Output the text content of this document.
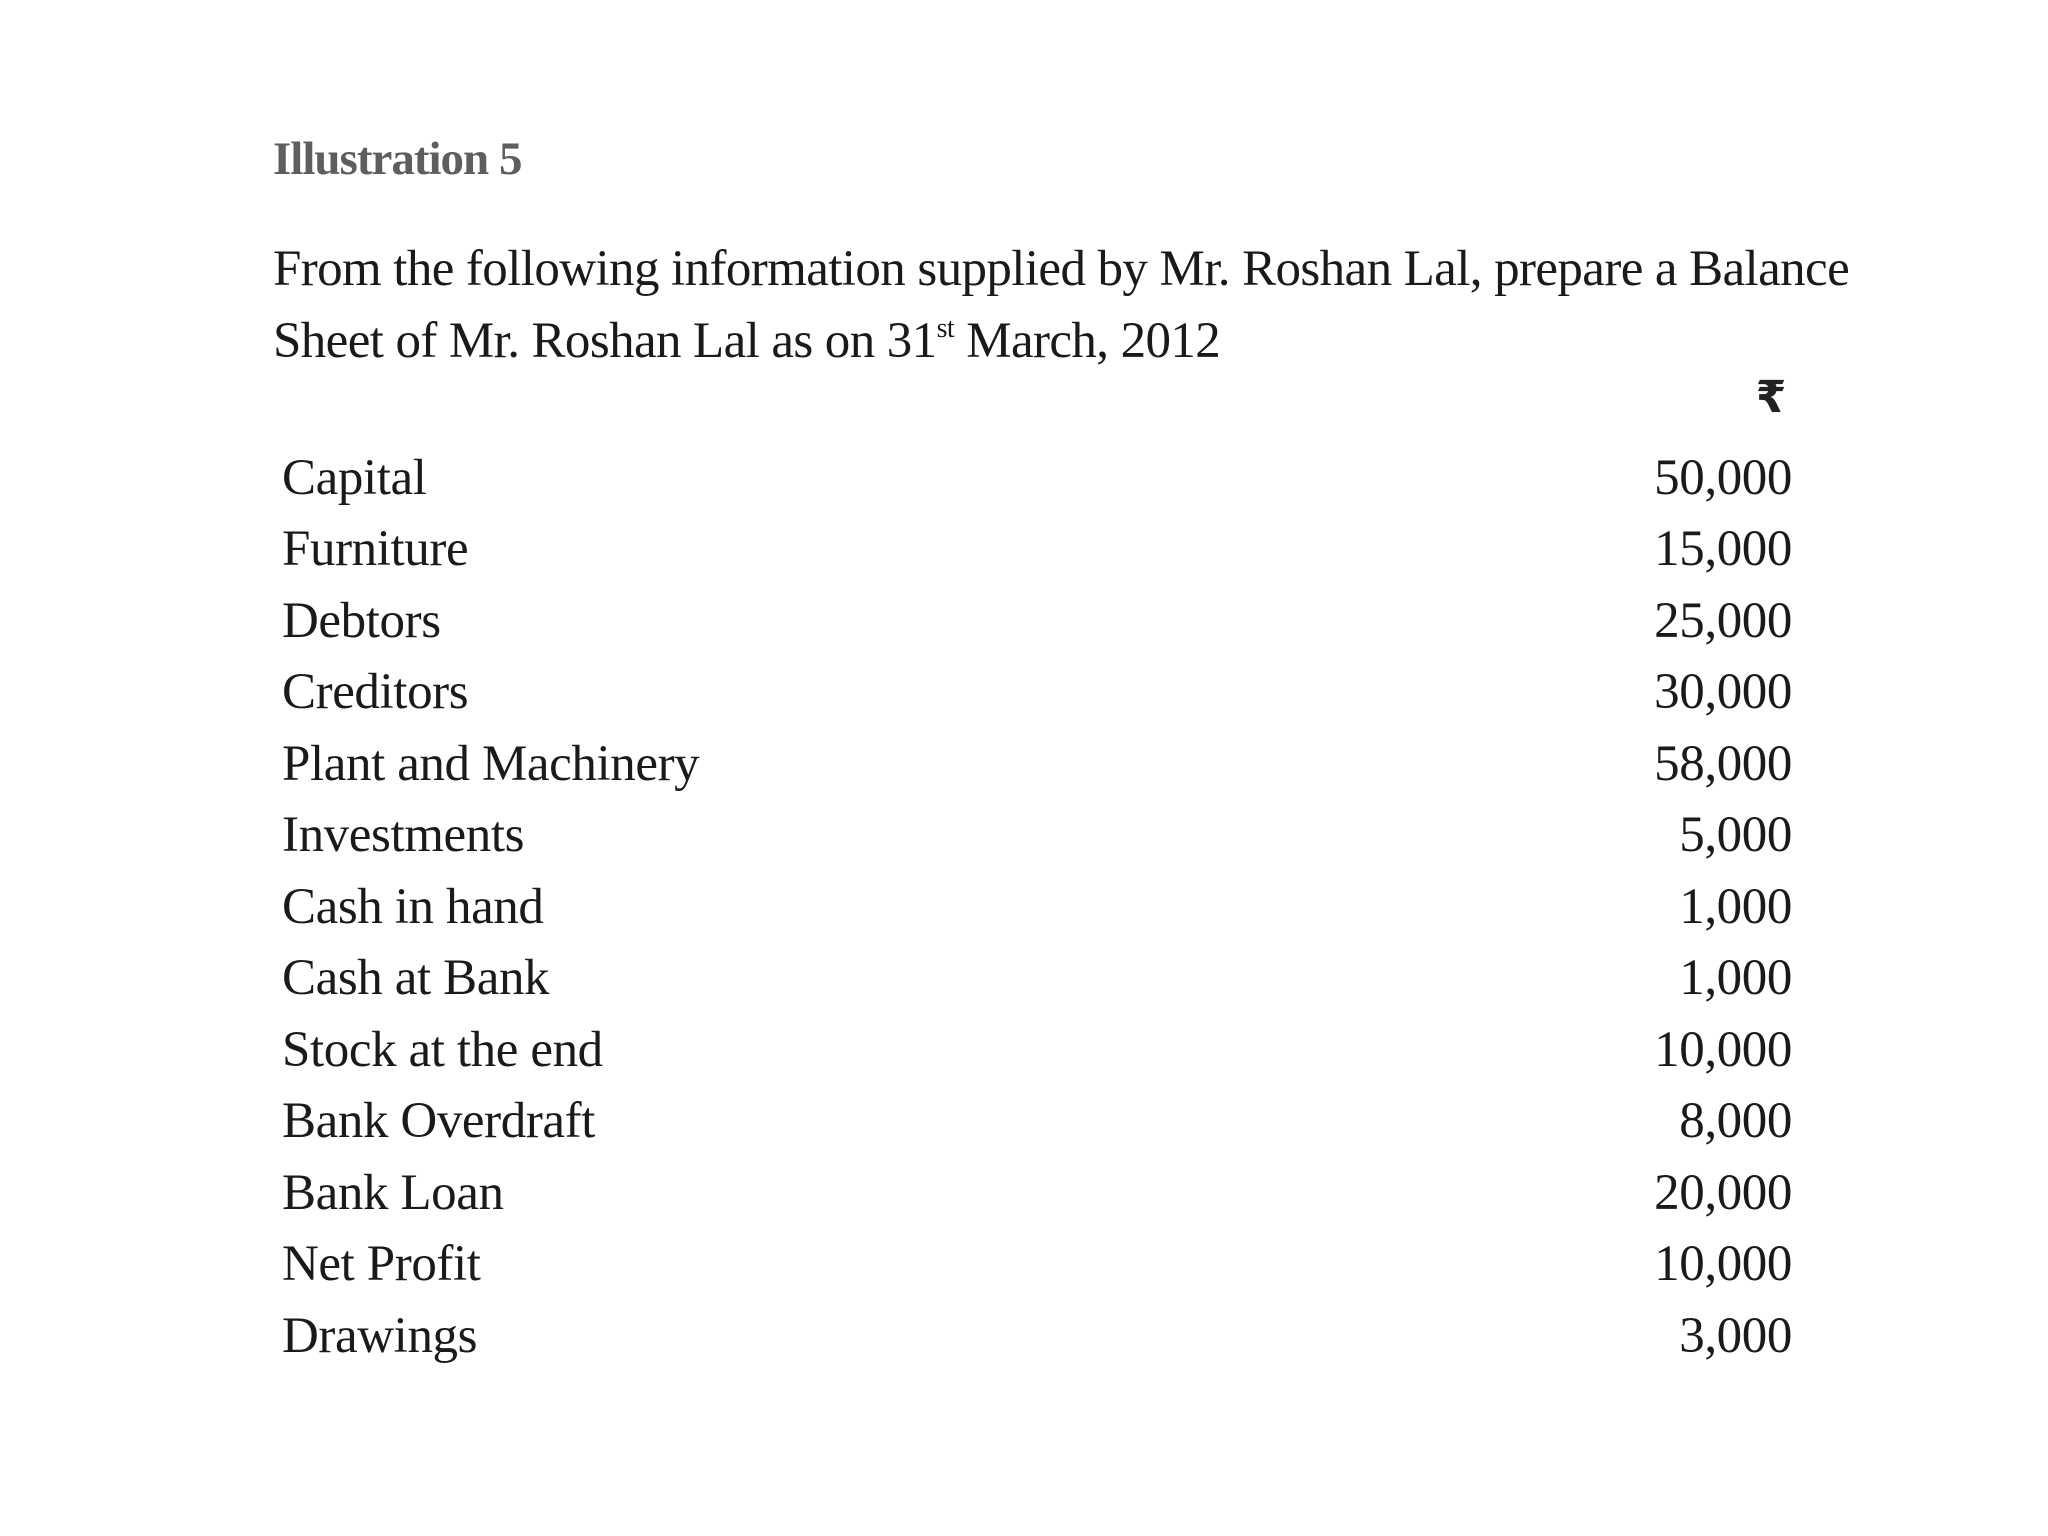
Illustration 5
From the following information supplied by Mr. Roshan Lal, prepare a Balance
Sheet of Mr. Roshan Lal as on 31st March, 2012
₹
Capital	50,000
Furniture	15,000
Debtors	25,000
Creditors	30,000
Plant and Machinery	58,000
Investments	5,000
Cash in hand	1,000
Cash at Bank	1,000
Stock at the end	10,000
Bank Overdraft	8,000
Bank Loan	20,000
Net Profit	10,000
Drawings	3,000
